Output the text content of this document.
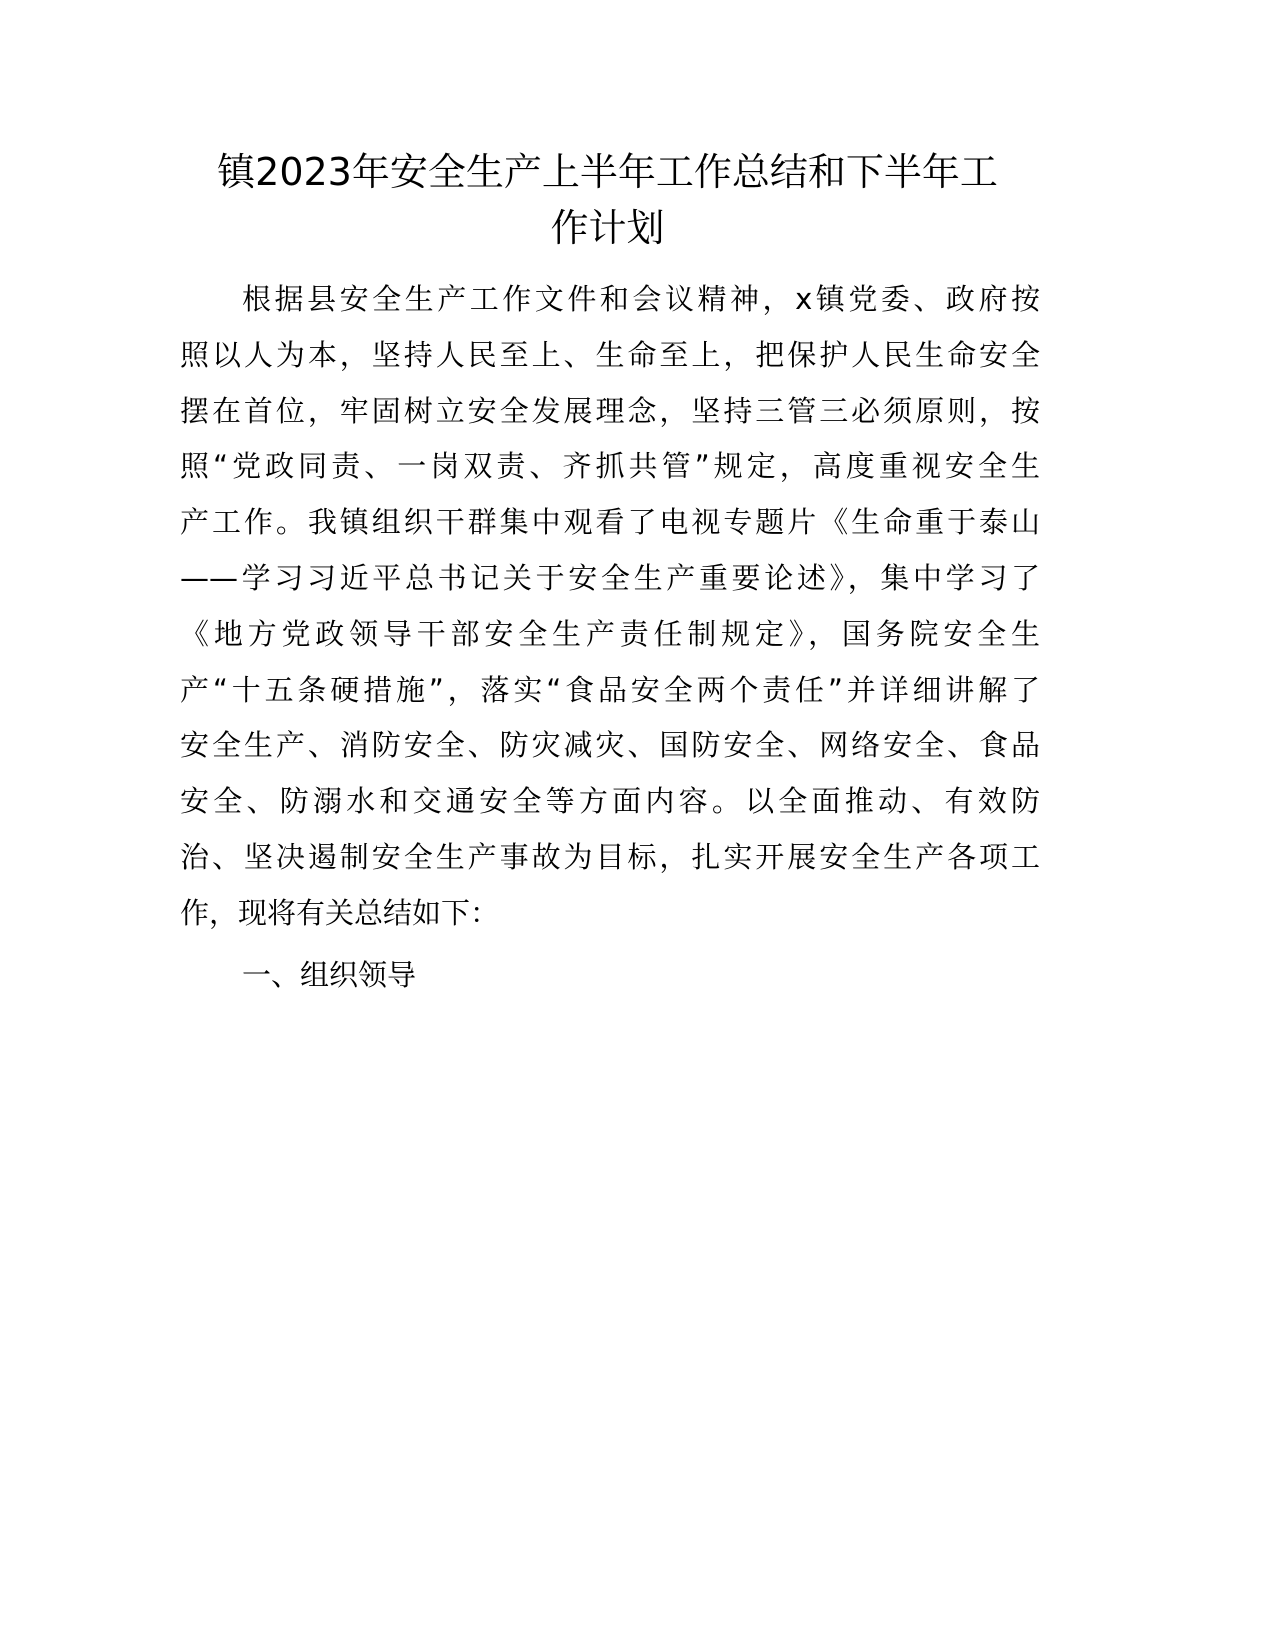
镇2023年安全生产上半年工作总结和下半年工
作计划
根据县安全生产工作文件和会议精神，x镇党委、政府按
照以人为本，坚持人民至上、生命至上，把保护人民生命安全
摆在首位，牢固树立安全发展理念，坚持三管三必须原则，按
照“党政同责、一岗双责、齐抓共管”规定，高度重视安全生
产工作。我镇组织干群集中观看了电视专题片《生命重于泰山
——学习习近平总书记关于安全生产重要论述》，集中学习了
《地方党政领导干部安全生产责任制规定》，国务院安全生
产“十五条硬措施”，落实“食品安全两个责任”并详细讲解了
安全生产、消防安全、防灾减灾、国防安全、网络安全、食品
安全、防溺水和交通安全等方面内容。以全面推动、有效防
治、坚决遏制安全生产事故为目标，扎实开展安全生产各项工
作，现将有关总结如下：
一、组织领导
